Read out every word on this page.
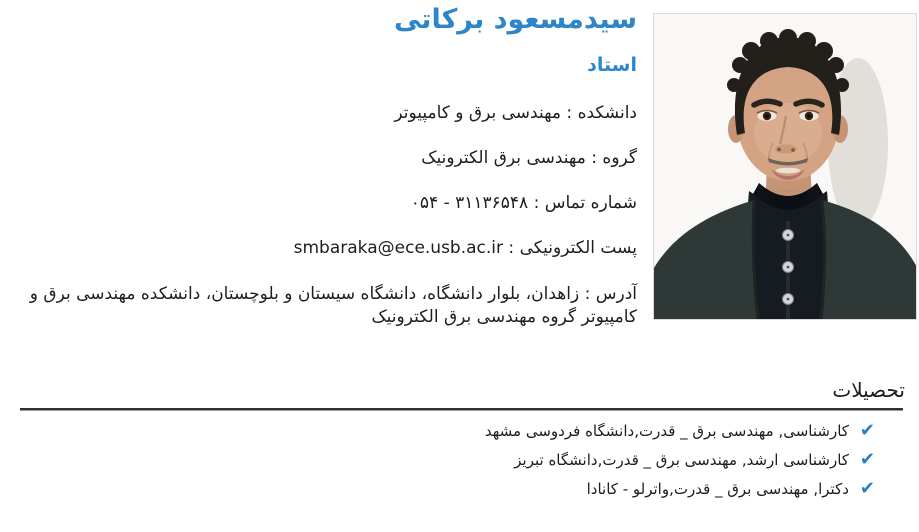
سیدمسعود برکاتی
استاد
دانشکده : مهندسی برق و کامپیوتر
گروه : مهندسی برق الکترونیک
شماره تماس : ۳۱۱۳۶۵۴۸ - ۰۵۴
پست الکترونیکی : smbaraka@ece.usb.ac.ir
آدرس : زاهدان، بلوار دانشگاه، دانشگاه سیستان و بلوچستان، دانشکده مهندسی برق و کامپیوتر گروه مهندسی برق الکترونیک
تحصیلات
✔
کارشناسی, مهندسی برق _ قدرت,دانشگاه فردوسی مشهد
✔
کارشناسی ارشد, مهندسی برق _ قدرت,دانشگاه تبریز
✔
دکترا, مهندسی برق _ قدرت,واترلو - کانادا
